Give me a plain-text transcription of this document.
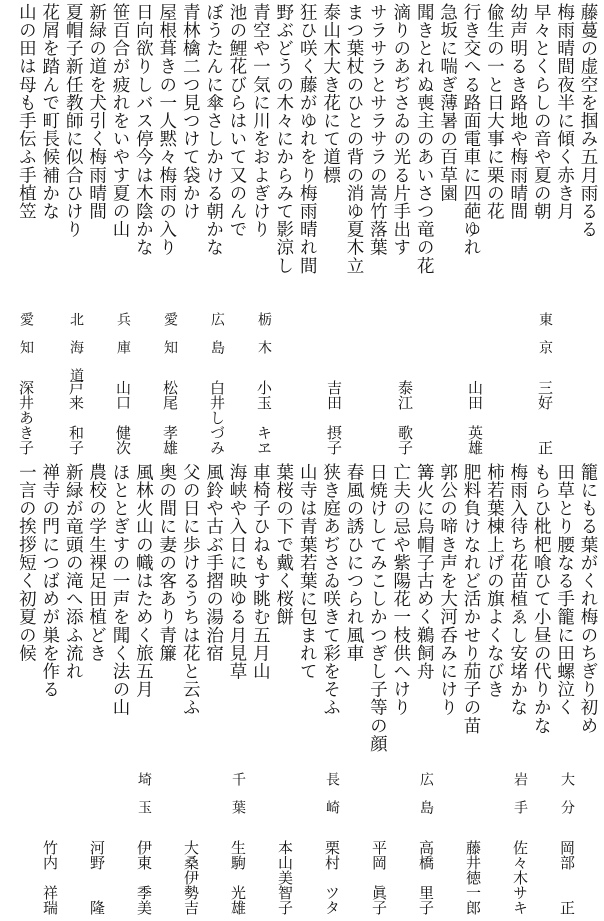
藤蔓の虚空を掴み五月雨るる
梅雨晴間夜半に傾く赤き月
早々とくらしの音や夏の朝
幼声明るき路地や梅雨晴間
偸生の一と日大事に栗の花
行き交へる路面電車に四葩ゆれ
急坂に喘ぎ薄暑の百草園
聞きとれぬ喪主のあいさつ竜の花
滴りのあぢさゐの光る片手出す
サラサラとサラサラの嵩竹落葉
まつ葉杖のひとの背の消ゆ夏木立
泰山木大き花にて道標
狂ひ咲く藤がゆれをり梅雨晴れ間
野ぶどうの木々にからみて影涼し
青空や一気に川をおよぎけり
池の鯉花びらはいて又のんで
ぼうたんに傘さしかける朝かな
青林檎二つ見つけて袋かけ
屋根葺きの一人黙々梅雨の入り
日向欲りしバス停今は木陰かな
笹百合が疲れをいやす夏の山
新緑の道を犬引く梅雨晴間
夏帽子新任教師に似合ひけり
花屑を踏んで町長候補かな
山の田は母も手伝ふ手植笠
東京
三好　　正
山田　英雄
泰江　歌子
吉田　摂子
栃木
小玉　キヱ
広島
白井しづみ
愛知
松尾　孝雄
兵庫
山口　健次
北海道
戸来　和子
愛知
深井あき子
籠にもる葉がくれ梅のちぎり初め
田草とり腰なる手籠に田螺泣く
もらひ枇杷喰ひて小昼の代りかな
梅雨入待ち花苗植ゑし安堵かな
柿若葉棟上げの旗よくなびき
肥料負けなれど活かせり茄子の苗
郭公の啼き声を大河呑みにけり
篝火に烏帽子古めく鵜飼舟
亡夫の忌や紫陽花一枝供へけり
日焼けしてみこしかつぎし子等の顔
春風の誘ひにつられ風車
狭き庭あぢさゐ咲きて彩をそふ
山寺は青葉若葉に包まれて
葉桜の下で戴く桜餅
車椅子ひねもす眺む五月山
海峡や入日に映ゆる月見草
風鈴や古ぶ手摺の湯治宿
父の日に歩けるうちは花と云ふ
奥の間に妻の客あり青簾
風林火山の幟はためく旅五月
ほととぎすの一声を聞く法の山
農校の学生裸足田植どき
新緑が竜頭の滝へ添ふ流れ
禅寺の門につばめが巣を作る
一言の挨拶短く初夏の候
大分
岡部　　正
岩手
佐々木サキ
藤井徳一郎
広島
高橋　里子
平岡　眞子
長崎
栗村　ツタ
本山美智子
千葉
生駒　光雄
大桑伊勢吉
埼玉
伊東　季美
河野　　隆
竹内　祥瑞
